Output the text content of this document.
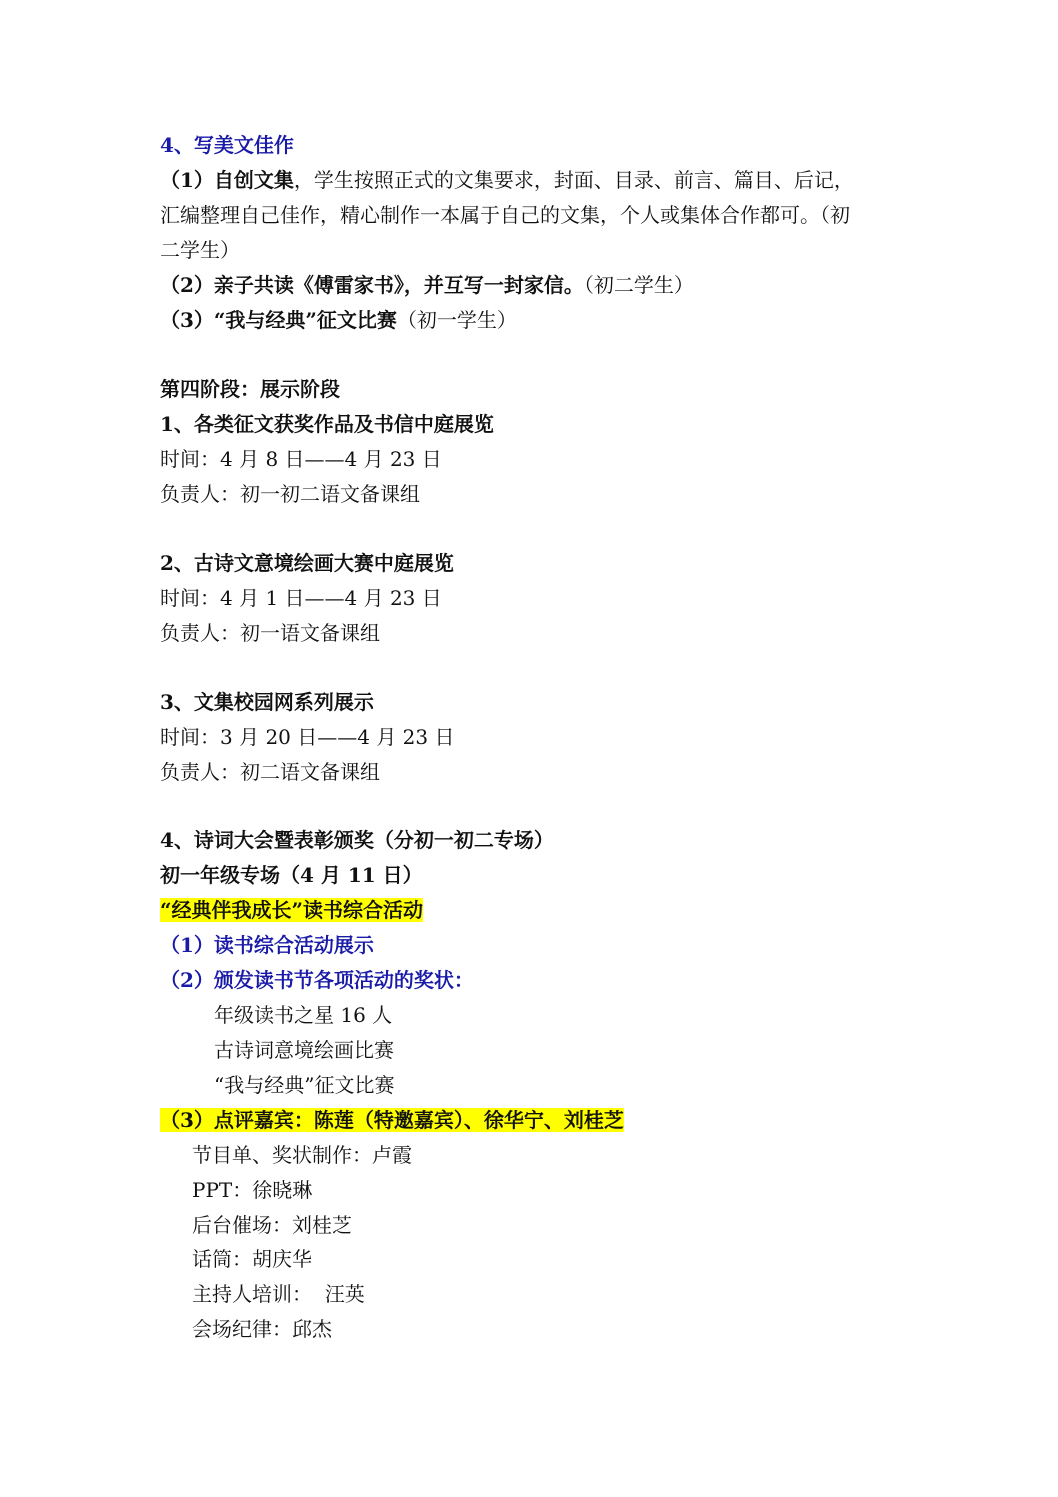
4、写美文佳作
（1）自创文集，学生按照正式的文集要求，封面、目录、前言、篇目、后记，
汇编整理自己佳作，精心制作一本属于自己的文集，个人或集体合作都可。（初
二学生）
（2）亲子共读《傅雷家书》，并互写一封家信。（初二学生）
（3）“我与经典”征文比赛（初一学生）
第四阶段：展示阶段
1、各类征文获奖作品及书信中庭展览
时间：4 月 8 日——4 月 23 日
负责人：初一初二语文备课组
2、古诗文意境绘画大赛中庭展览
时间：4 月 1 日——4 月 23 日
负责人：初一语文备课组
3、文集校园网系列展示
时间：3 月 20 日——4 月 23 日
负责人：初二语文备课组
4、诗词大会暨表彰颁奖（分初一初二专场）
初一年级专场（4 月 11 日）
“经典伴我成长”读书综合活动
（1）读书综合活动展示
（2）颁发读书节各项活动的奖状：
年级读书之星 16 人
古诗词意境绘画比赛
“我与经典”征文比赛
（3）点评嘉宾：陈莲（特邀嘉宾）、徐华宁、刘桂芝
节目单、奖状制作：卢霞
PPT：徐晓琳
后台催场：刘桂芝
话筒：胡庆华
主持人培训：  汪英
会场纪律：邱杰
